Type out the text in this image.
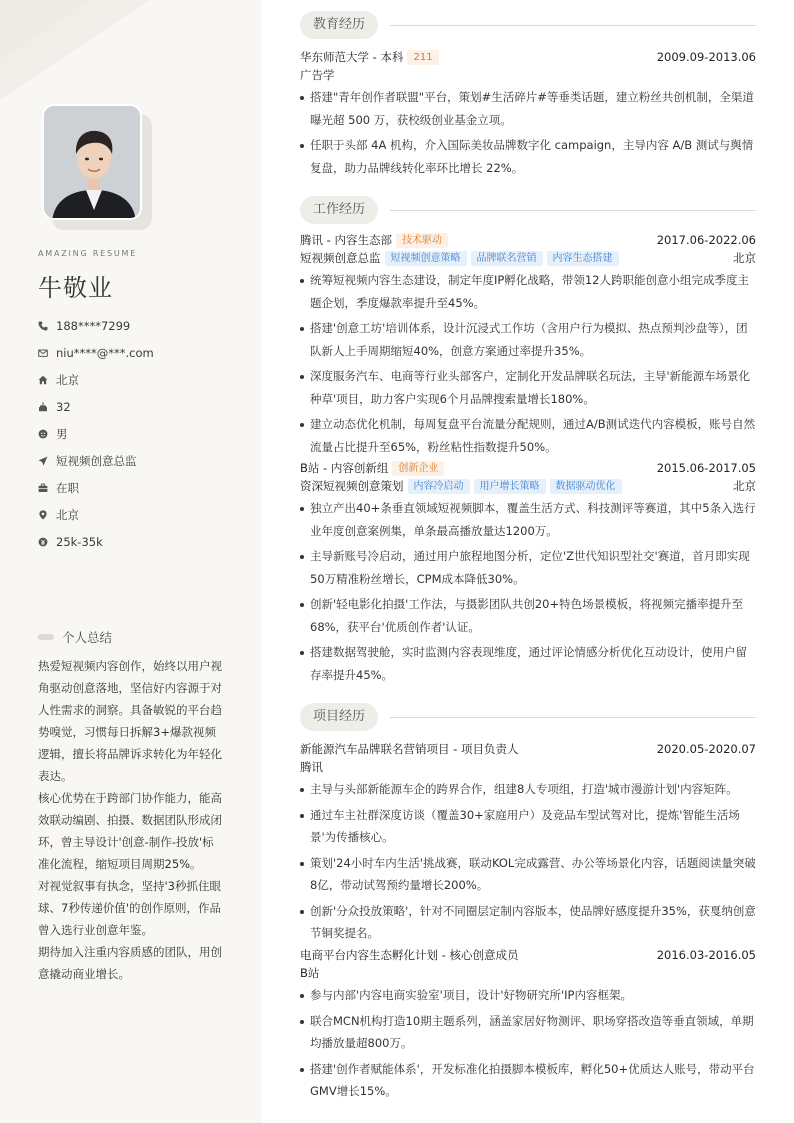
AMAZING RESUME
牛敬业
188****7299
niu****@***.com
北京
32
男
短视频创意总监
在职
北京
25k-35k
个人总结

热爱短视频内容创作，始终以用户视角驱动创意落地，坚信好内容源于对人性需求的洞察。具备敏锐的平台趋势嗅觉，习惯每日拆解3+爆款视频逻辑，擅长将品牌诉求转化为年轻化表达。

核心优势在于跨部门协作能力，能高效联动编剧、拍摄、数据团队形成闭环，曾主导设计'创意-制作-投放'标准化流程，缩短项目周期25%。

对视觉叙事有执念，坚持'3秒抓住眼球、7秒传递价值'的创作原则，作品曾入选行业创意年鉴。

期待加入注重内容质感的团队，用创意撬动商业增长。

教育经历
华东师范大学 - 本科	211	2009.09-2013.06
广告学
搭建"青年创作者联盟"平台，策划#生活碎片#等垂类话题，建立粉丝共创机制，全渠道曝光超 500 万，获校级创业基金立项。
任职于头部 4A 机构，介入国际美妆品牌数字化 campaign，主导内容 A/B 测试与舆情复盘，助力品牌线转化率环比增长 22%。
工作经历
腾讯 - 内容生态部	技术驱动	2017.06-2022.06
短视频创意总监	短视频创意策略	品牌联名营销	内容生态搭建	北京
统筹短视频内容生态建设，制定年度IP孵化战略，带领12人跨职能创意小组完成季度主题企划，季度爆款率提升至45%。
搭建'创意工坊'培训体系，设计沉浸式工作坊（含用户行为模拟、热点预判沙盘等），团队新人上手周期缩短40%，创意方案通过率提升35%。
深度服务汽车、电商等行业头部客户，定制化开发品牌联名玩法，主导'新能源车场景化种草'项目，助力客户实现6个月品牌搜索量增长180%。
建立动态优化机制，每周复盘平台流量分配规则，通过A/B测试迭代内容模板，账号自然流量占比提升至65%，粉丝粘性指数提升50%。
B站 - 内容创新组	创新企业	2015.06-2017.05
资深短视频创意策划	内容冷启动	用户增长策略	数据驱动优化	北京
独立产出40+条垂直领域短视频脚本，覆盖生活方式、科技测评等赛道，其中5条入选行业年度创意案例集，单条最高播放量达1200万。
主导新账号冷启动，通过用户旅程地图分析，定位'Z世代知识型社交'赛道，首月即实现50万精准粉丝增长，CPM成本降低30%。
创新'轻电影化拍摄'工作法，与摄影团队共创20+特色场景模板，将视频完播率提升至68%，获平台'优质创作者'认证。
搭建数据驾驶舱，实时监测内容表现维度，通过评论情感分析优化互动设计，使用户留存率提升45%。
项目经历
新能源汽车品牌联名营销项目 - 项目负责人	2020.05-2020.07
腾讯
主导与头部新能源车企的跨界合作，组建8人专项组，打造'城市漫游计划'内容矩阵。
通过车主社群深度访谈（覆盖30+家庭用户）及竞品车型试驾对比，提炼'智能生活场景'为传播核心。
策划'24小时车内生活'挑战赛，联动KOL完成露营、办公等场景化内容，话题阅读量突破8亿，带动试驾预约量增长200%。
创新'分众投放策略'，针对不同圈层定制内容版本，使品牌好感度提升35%，获戛纳创意节铜奖提名。
电商平台内容生态孵化计划 - 核心创意成员	2016.03-2016.05
B站
参与内部'内容电商实验室'项目，设计'好物研究所'IP内容框架。
联合MCN机构打造10期主题系列，涵盖家居好物测评、职场穿搭改造等垂直领域，单期均播放量超800万。
搭建'创作者赋能体系'，开发标准化拍摄脚本模板库，孵化50+优质达人账号，带动平台GMV增长15%。
